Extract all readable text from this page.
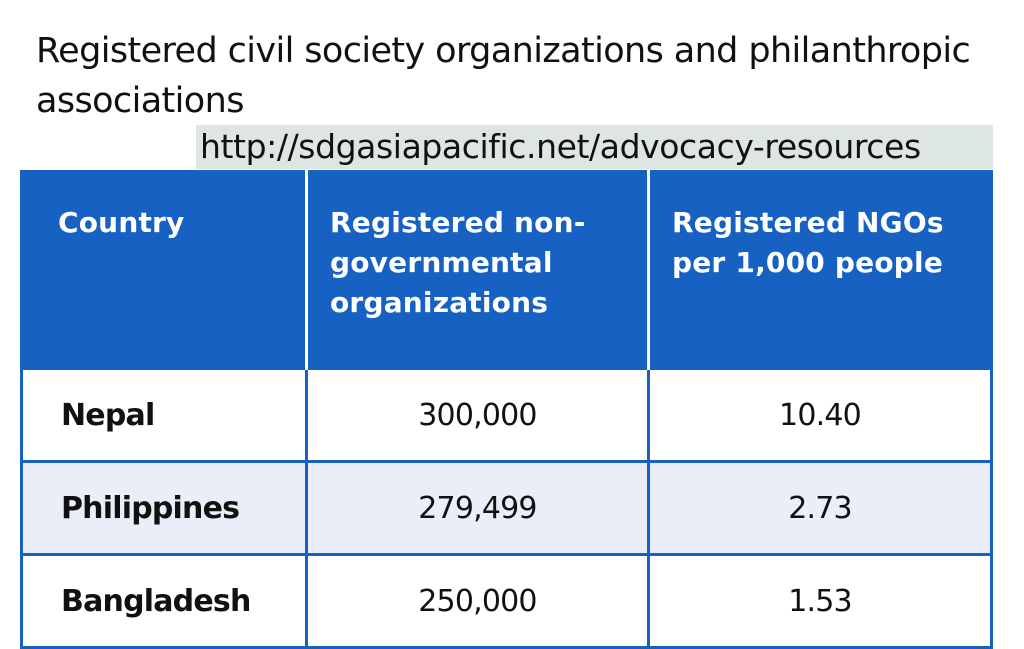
Registered civil society organizations and philanthropic associations
http://sdgasiapacific.net/advocacy-resources
Country	Registered non-governmental organizations	Registered NGOs per 1,000 people
Nepal	300,000	10.40
Philippines	279,499	2.73
Bangladesh	250,000	1.53
